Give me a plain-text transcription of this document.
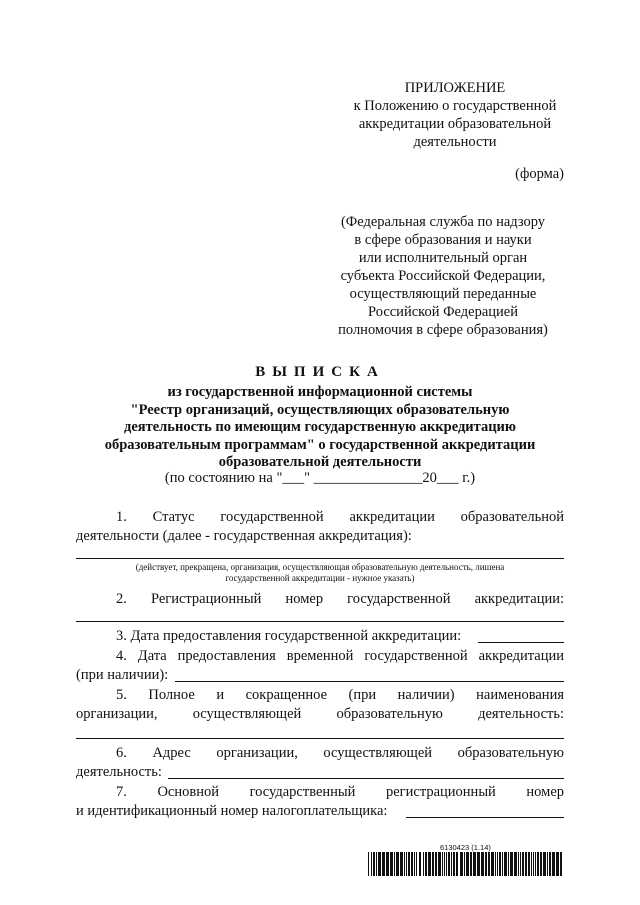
ПРИЛОЖЕНИЕ
к Положению о государственной
аккредитации образовательной
деятельности
(форма)
(Федеральная служба по надзору
в сфере образования и науки
или исполнительный орган
субъекта Российской Федерации,
осуществляющий переданные
Российской Федерацией
полномочия в сфере образования)
ВЫПИСКА
из государственной информационной системы
"Реестр организаций, осуществляющих образовательную
деятельность по имеющим государственную аккредитацию
образовательным программам" о государственной аккредитации
образовательной деятельности
(по состоянию на "___" _______________20___ г.)
1. Статус государственной аккредитации образовательной
деятельности (далее - государственная аккредитация):
(действует, прекращена, организация, осуществляющая образовательную деятельность, лишена
государственной аккредитации - нужное указать)
2. Регистрационный номер государственной аккредитации:
3. Дата предоставления государственной аккредитации:
4. Дата предоставления временной государственной аккредитации
(при наличии):
5. Полное и сокращенное (при наличии) наименования
организации, осуществляющей образовательную деятельность:
6. Адрес организации, осуществляющей образовательную
деятельность:
7. Основной государственный регистрационный номер
и идентификационный номер налогоплательщика:
6130423 (1.14)
